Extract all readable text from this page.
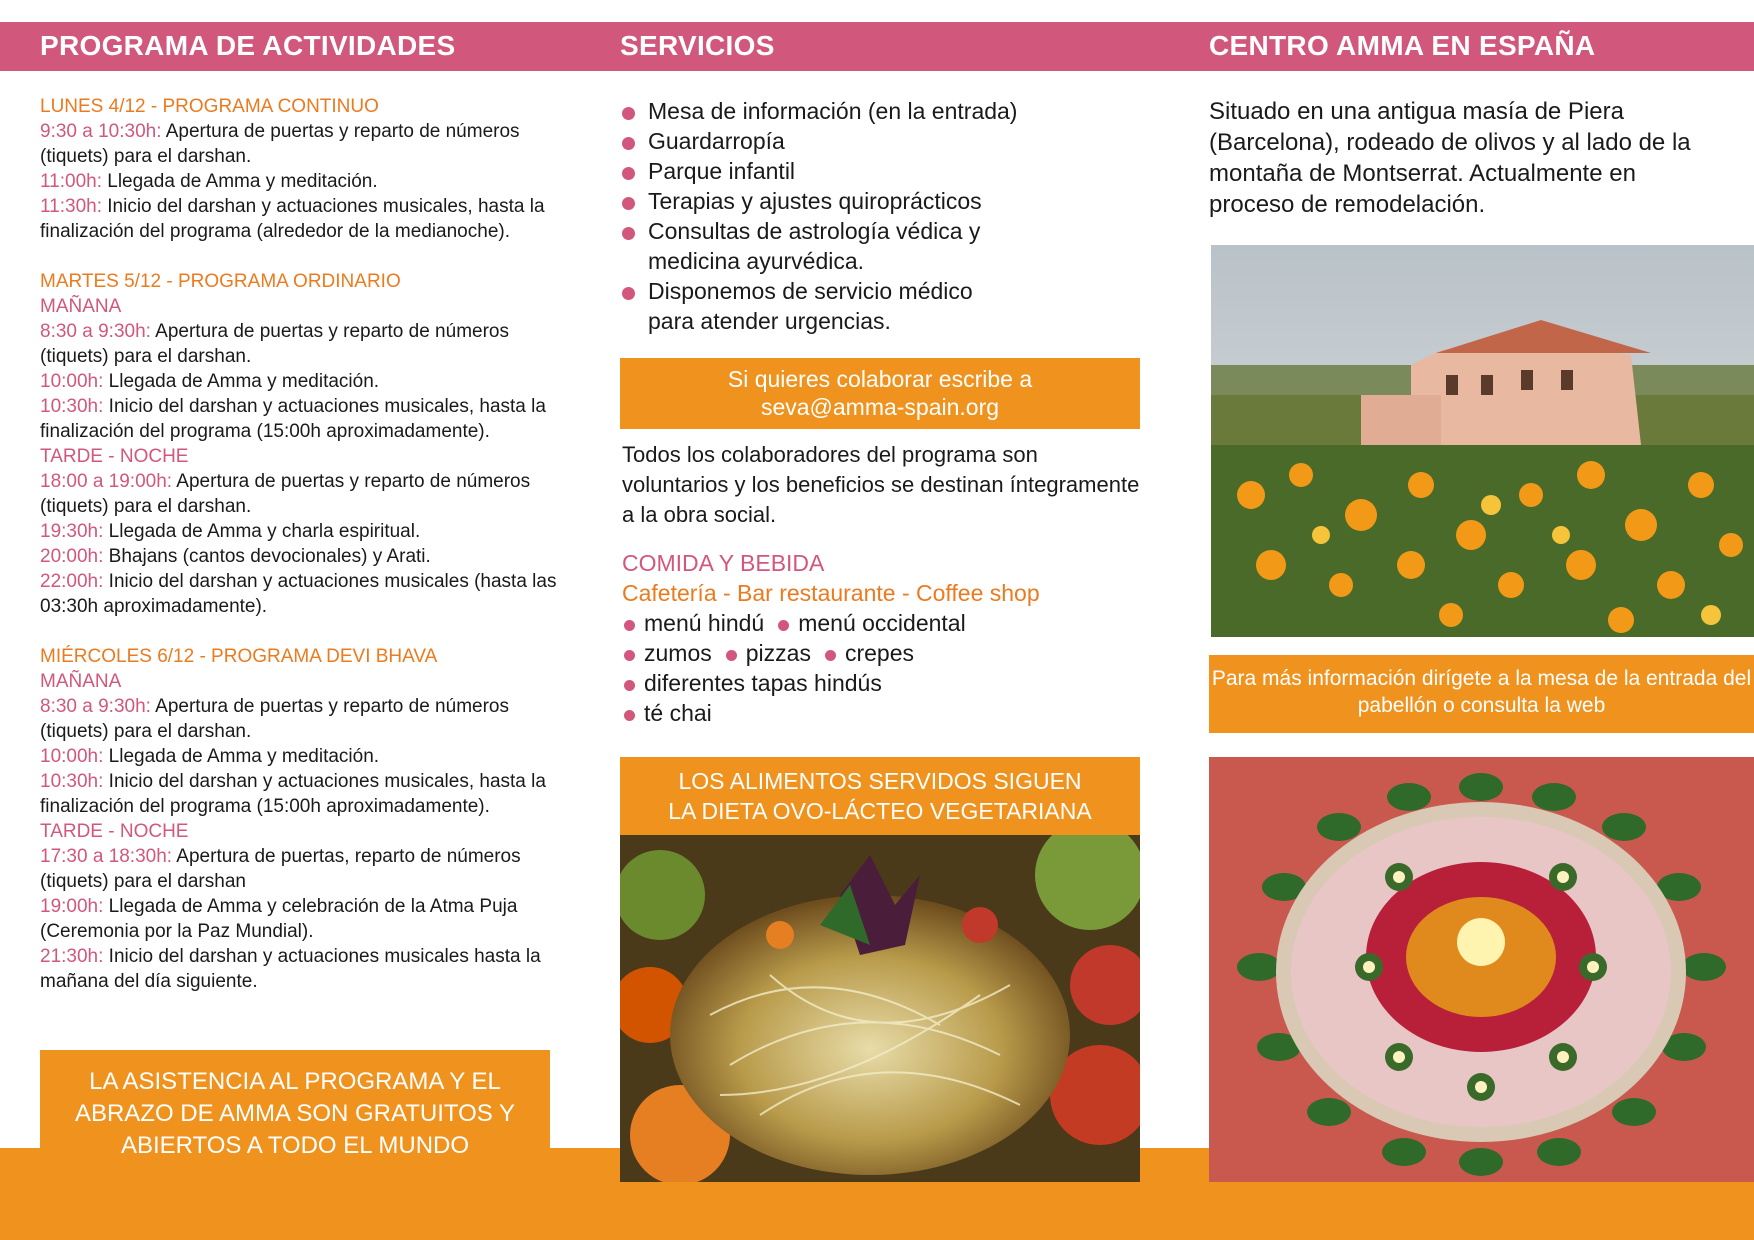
PROGRAMA DE ACTIVIDADES	SERVICIOS	CENTRO AMMA EN ESPAÑA
LUNES 4/12 - PROGRAMA CONTINUO
9:30 a 10:30h: Apertura de puertas y reparto de números (tiquets) para el darshan.
11:00h: Llegada de Amma y meditación.
11:30h: Inicio del darshan y actuaciones musicales, hasta la finalización del programa (alrededor de la medianoche).
MARTES 5/12 - PROGRAMA ORDINARIO
MAÑANA
8:30 a 9:30h: Apertura de puertas y reparto de números (tiquets) para el darshan.
10:00h: Llegada de Amma y meditación.
10:30h: Inicio del darshan y actuaciones musicales, hasta la finalización del programa (15:00h aproximadamente).
TARDE - NOCHE
18:00 a 19:00h: Apertura de puertas y reparto de números (tiquets) para el darshan.
19:30h: Llegada de Amma y charla espiritual.
20:00h: Bhajans (cantos devocionales) y Arati.
22:00h: Inicio del darshan y actuaciones musicales (hasta las 03:30h aproximadamente).
MIÉRCOLES 6/12 - PROGRAMA DEVI BHAVA
MAÑANA
8:30 a 9:30h: Apertura de puertas y reparto de números (tiquets) para el darshan.
10:00h: Llegada de Amma y meditación.
10:30h: Inicio del darshan y actuaciones musicales, hasta la finalización del programa (15:00h aproximadamente).
TARDE - NOCHE
17:30 a 18:30h: Apertura de puertas, reparto de números (tiquets) para el darshan
19:00h: Llegada de Amma y celebración de la Atma Puja (Ceremonia por la Paz Mundial).
21:30h: Inicio del darshan y actuaciones musicales hasta la mañana del día siguiente.
LA ASISTENCIA AL PROGRAMA Y EL ABRAZO DE AMMA SON GRATUITOS Y ABIERTOS A TODO EL MUNDO
Mesa de información (en la entrada)
Guardarropía
Parque infantil
Terapias y ajustes quiroprácticos
Consultas de astrología védica y medicina ayurvédica.
Disponemos de servicio médico para atender urgencias.
Si quieres colaborar escribe a
seva@amma-spain.org
Todos los colaboradores del programa son voluntarios y los beneficios se destinan íntegramente a la obra social.
COMIDA Y BEBIDA
Cafetería - Bar restaurante - Coffee shop
menú hindú	menú occidental
zumos	pizzas	crepes
diferentes tapas hindús
té chai
LOS ALIMENTOS SERVIDOS SIGUEN
LA DIETA OVO-LÁCTEO VEGETARIANA
Situado en una antigua masía de Piera (Barcelona), rodeado de olivos y al lado de la montaña de Montserrat. Actualmente en proceso de remodelación.
Para más información dirígete a la mesa de la entrada del pabellón o consulta la web
